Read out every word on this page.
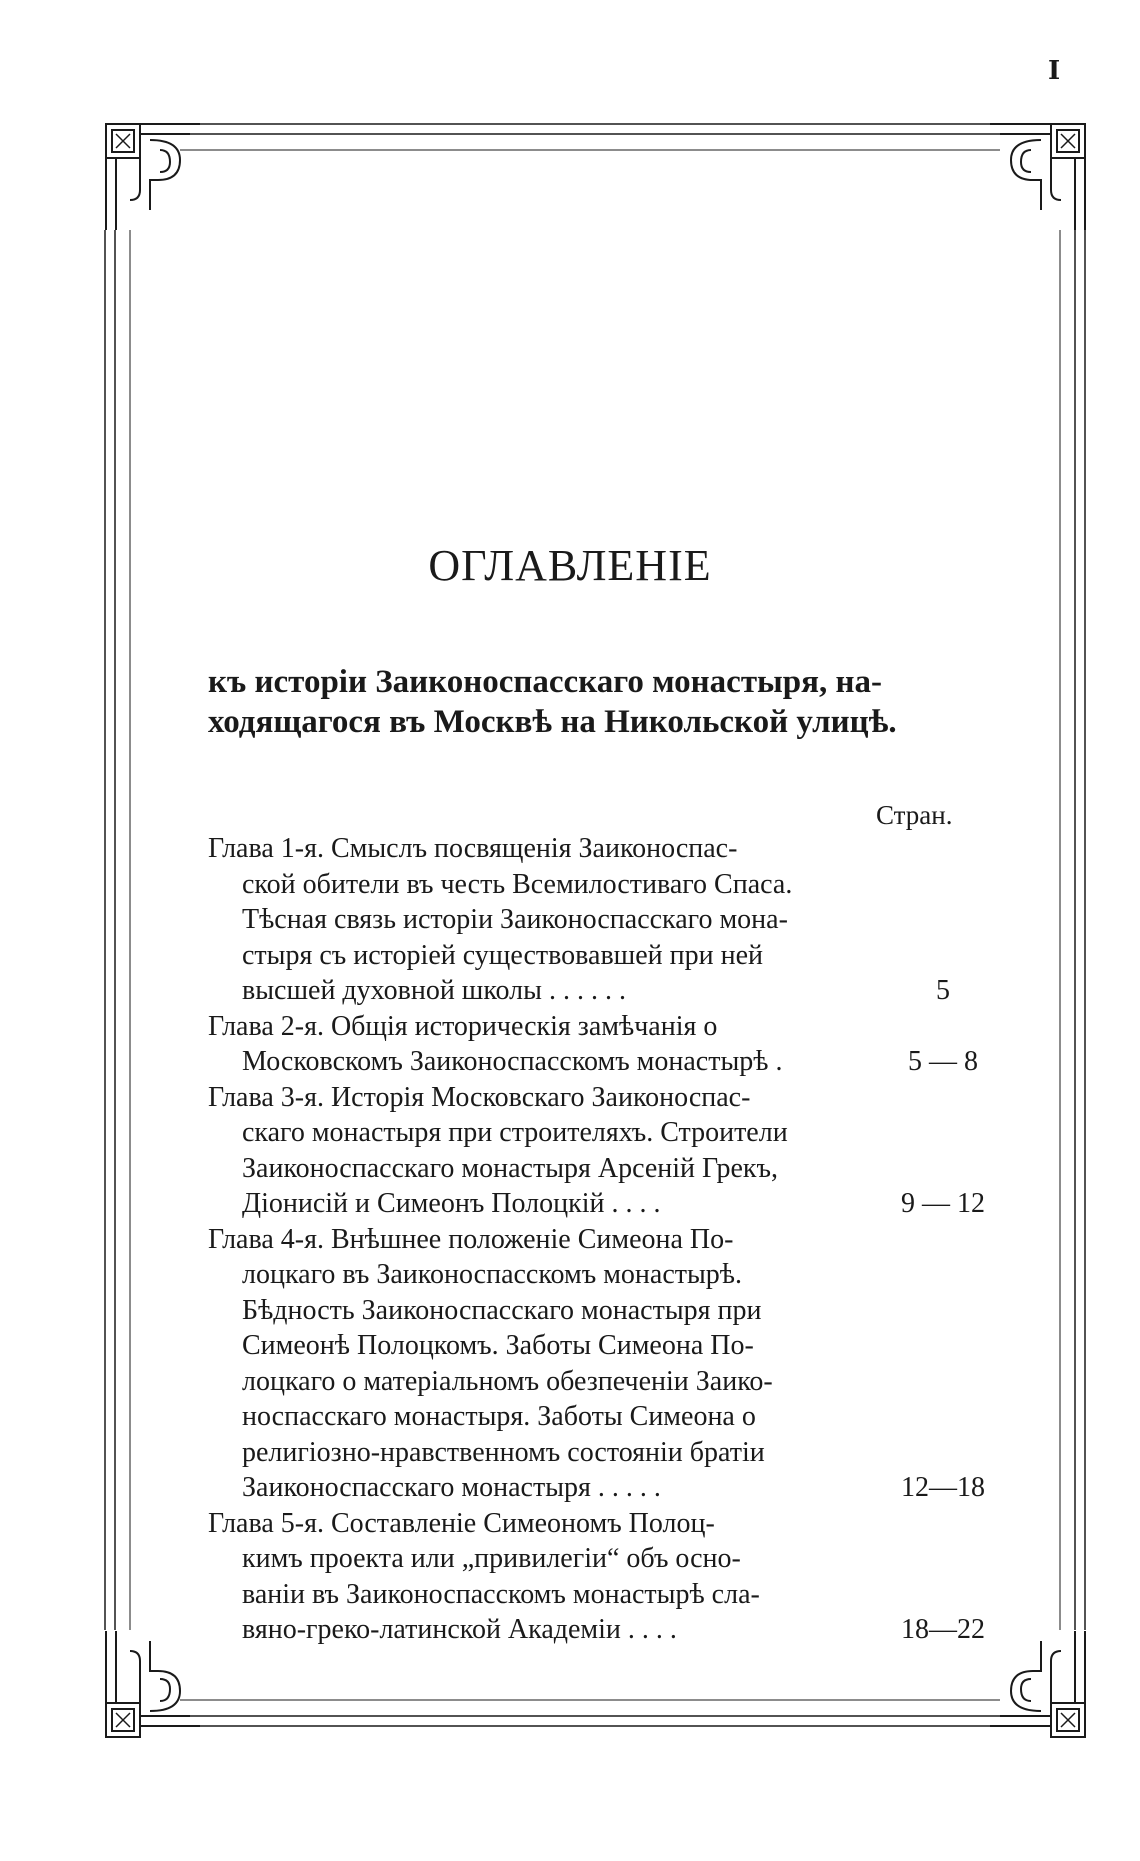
I
ОГЛАВЛЕНІЕ
къ исторіи Заиконоспасскаго монастыря, на-
ходящагося въ Москвѣ на Никольской улицѣ.
Стран.
Глава 1-я. Смыслъ посвященія Заиконоспас-
ской обители въ честь Всемилостиваго Спаса.
Тѣсная связь исторіи Заиконоспасскаго мона-
стыря съ исторіей существовавшей при ней
высшей духовной школы . . . . . .	5
Глава 2-я. Общія историческія замѣчанія о
Московскомъ Заиконоспасскомъ монастырѣ .	5 — 8
Глава 3-я. Исторія Московскаго Заиконоспас-
скаго монастыря при строителяхъ. Строители
Заиконоспасскаго монастыря Арсеній Грекъ,
Діонисій и Симеонъ Полоцкій . . . .	9 — 12
Глава 4-я. Внѣшнее положеніе Симеона По-
лоцкаго въ Заиконоспасскомъ монастырѣ.
Бѣдность Заиконоспасскаго монастыря при
Симеонѣ Полоцкомъ. Заботы Симеона По-
лоцкаго о матеріальномъ обезпеченіи Заико-
носпасскаго монастыря. Заботы Симеона о
религіозно-нравственномъ состояніи братіи
Заиконоспасскаго монастыря . . . . .	12—18
Глава 5-я. Составленіе Симеономъ Полоц-
кимъ проекта или „привилегіи“ объ осно-
ваніи въ Заиконоспасскомъ монастырѣ сла-
вяно-греко-латинской Академіи . . . .	18—22
